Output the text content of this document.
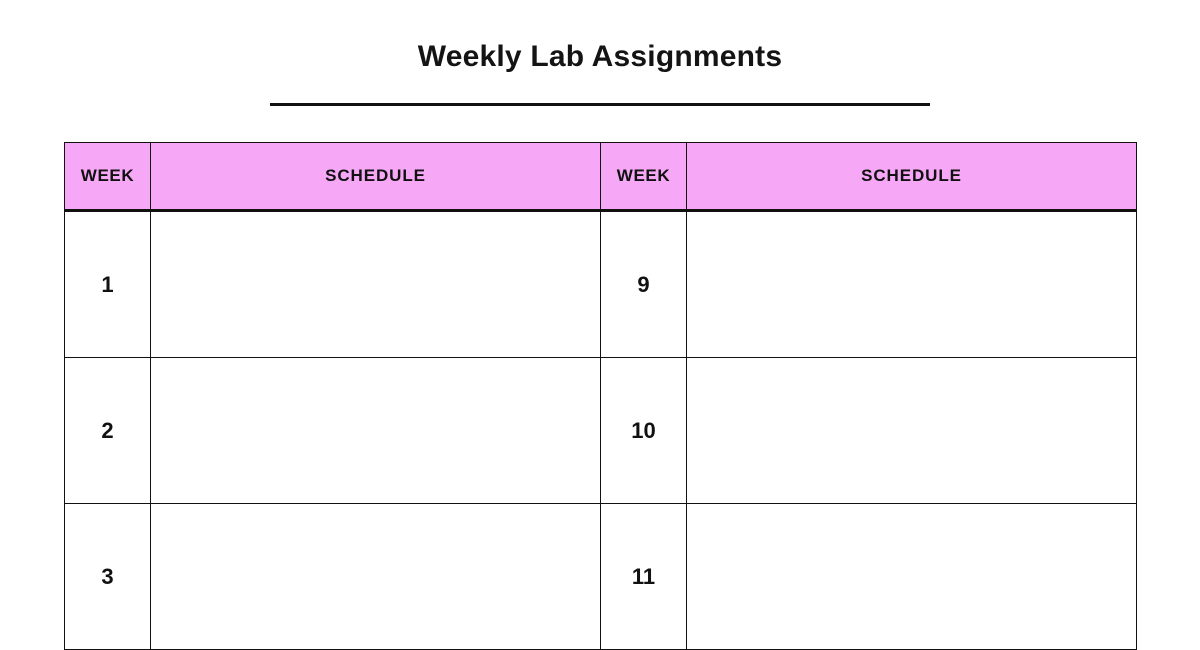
Weekly Lab Assignments
WEEK	SCHEDULE	WEEK	SCHEDULE
1		9	
2		10	
3		11	
